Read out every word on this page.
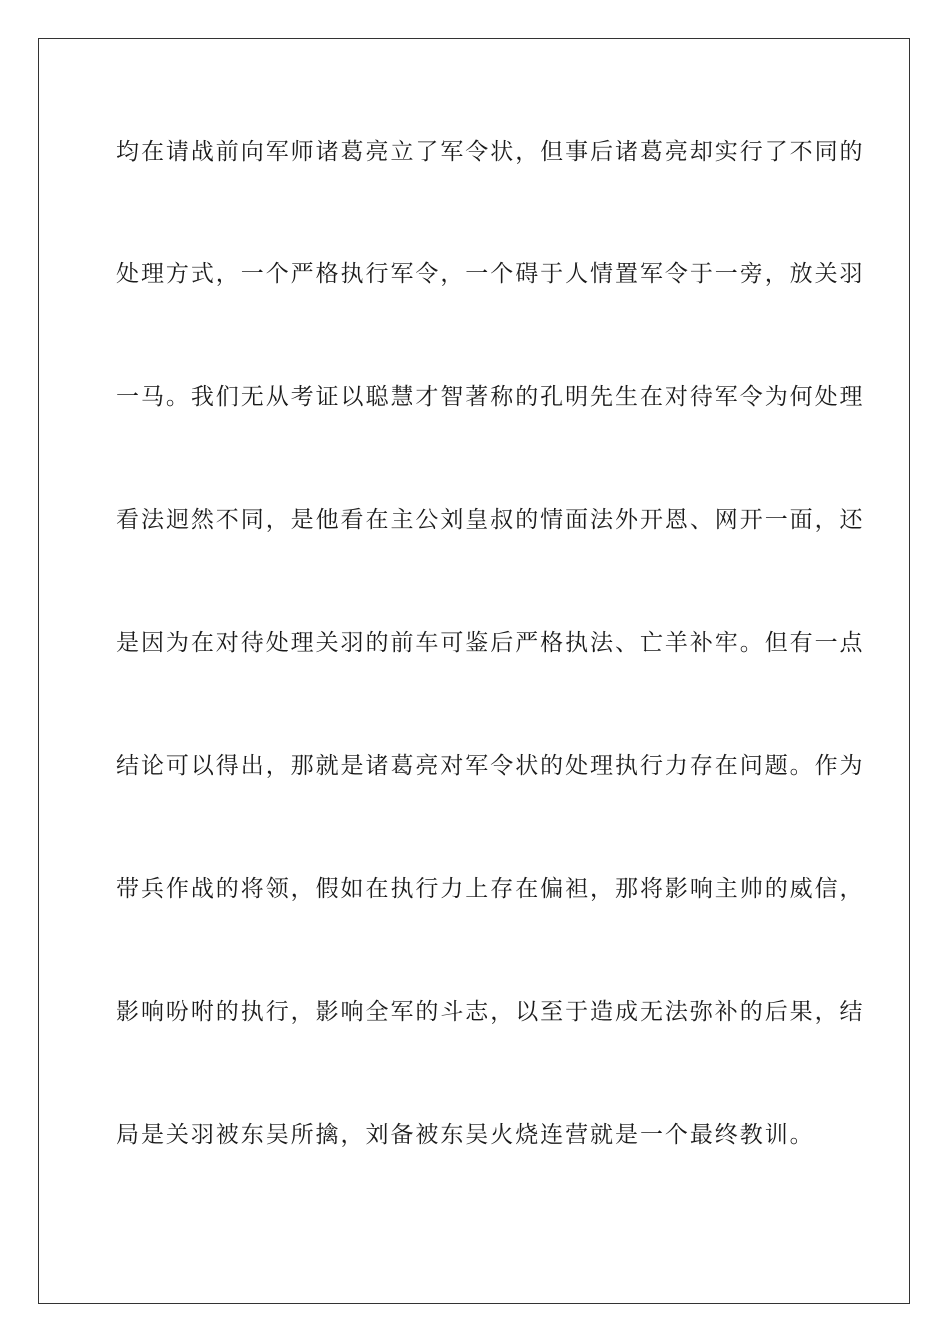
均在请战前向军师诸葛亮立了军令状，但事后诸葛亮却实行了不同的
处理方式，一个严格执行军令，一个碍于人情置军令于一旁，放关羽
一马。我们无从考证以聪慧才智著称的孔明先生在对待军令为何处理
看法迥然不同，是他看在主公刘皇叔的情面法外开恩、网开一面，还
是因为在对待处理关羽的前车可鉴后严格执法、亡羊补牢。但有一点
结论可以得出，那就是诸葛亮对军令状的处理执行力存在问题。作为
带兵作战的将领，假如在执行力上存在偏袒，那将影响主帅的威信，
影响吩咐的执行，影响全军的斗志，以至于造成无法弥补的后果，结
局是关羽被东吴所擒，刘备被东吴火烧连营就是一个最终教训。
